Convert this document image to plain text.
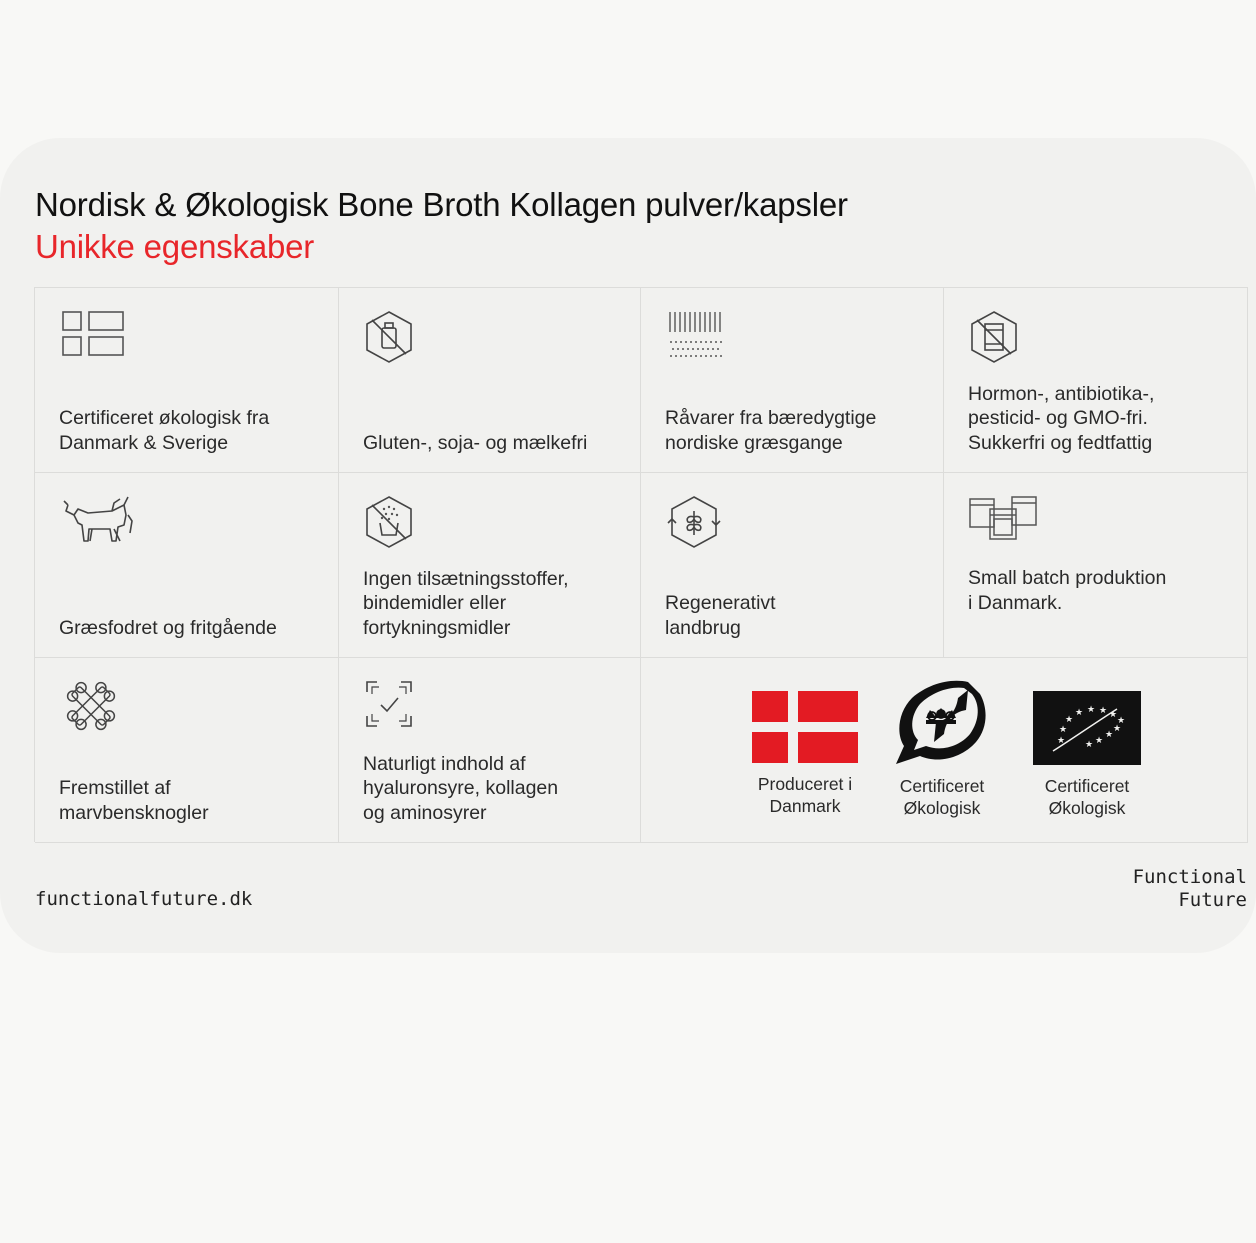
Nordisk & Økologisk Bone Broth Kollagen pulver/kapsler
Unikke egenskaber
Certificeret økologisk fra
Danmark & Sverige	Gluten-, soja- og mælkefri
Råvarer fra bæredygtige
nordiske græsgange
Hormon-, antibiotika-,
pesticid- og GMO-fri.
Sukkerfri og fedtfattig
Græsfodret og fritgående
Ingen tilsætningsstoffer,
bindemidler eller
fortykningsmidler
Regenerativt
landbrug
Small batch produktion
i Danmark.
Fremstillet af
marvbensknogler
Naturligt indhold af
hyaluronsyre, kollagen
og aminosyrer
Produceret i
Danmark
Certificeret
Økologisk
★ ★ ★ ★
★
★
★
★	★
★
★
★
Certificeret
Økologisk
functionalfuture.dk
Functional
Future
